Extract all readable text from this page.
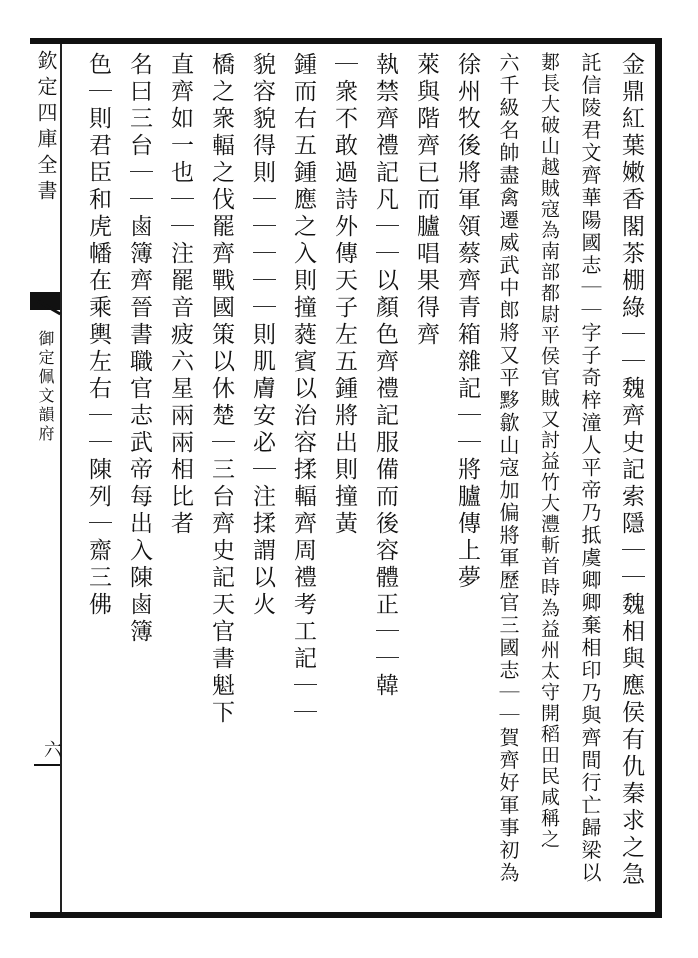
欽定四庫全書
御定佩文韻府
六	金鼎紅葉嫩香閣茶棚綠｜｜魏齊史記索隱｜｜魏相與應侯有仇秦求之急
託信陵君文齊華陽國志｜｜字子奇梓潼人平帝乃抵虞卿卿棄相印乃與齊間行亡歸梁以
郪長大破山越賊寇為南部都尉平侯官賊又討益竹大灃斬首時為益州太守開稻田民咸稱之
六千級名帥盡禽遷威武中郎將又平黟歙山寇加偏將軍歷官三國志｜｜賀齊好軍事初為
徐州牧後將軍領蔡齊青箱雜記｜｜將臚傳上夢
萊與階齊已而臚唱果得齊
執禁齊禮記凡｜｜以顏色齊禮記服備而後容體正｜｜韓
｜衆不敢過詩外傳天子左五鍾將出則撞黃
鍾而右五鍾應之入則撞蕤賓以治容揉輻齊周禮考工記｜｜
貌容貌得則｜｜｜｜｜則肌膚安必｜注揉謂以火
橋之衆輻之伐罷齊戰國策以休楚｜三台齊史記天官書魁下
直齊如一也｜｜注罷音疲六星兩兩相比者
名曰三台｜｜鹵簿齊晉書職官志武帝每出入陳鹵簿
色｜則君臣和虎幡在乘輿左右｜｜陳列｜齋三佛
